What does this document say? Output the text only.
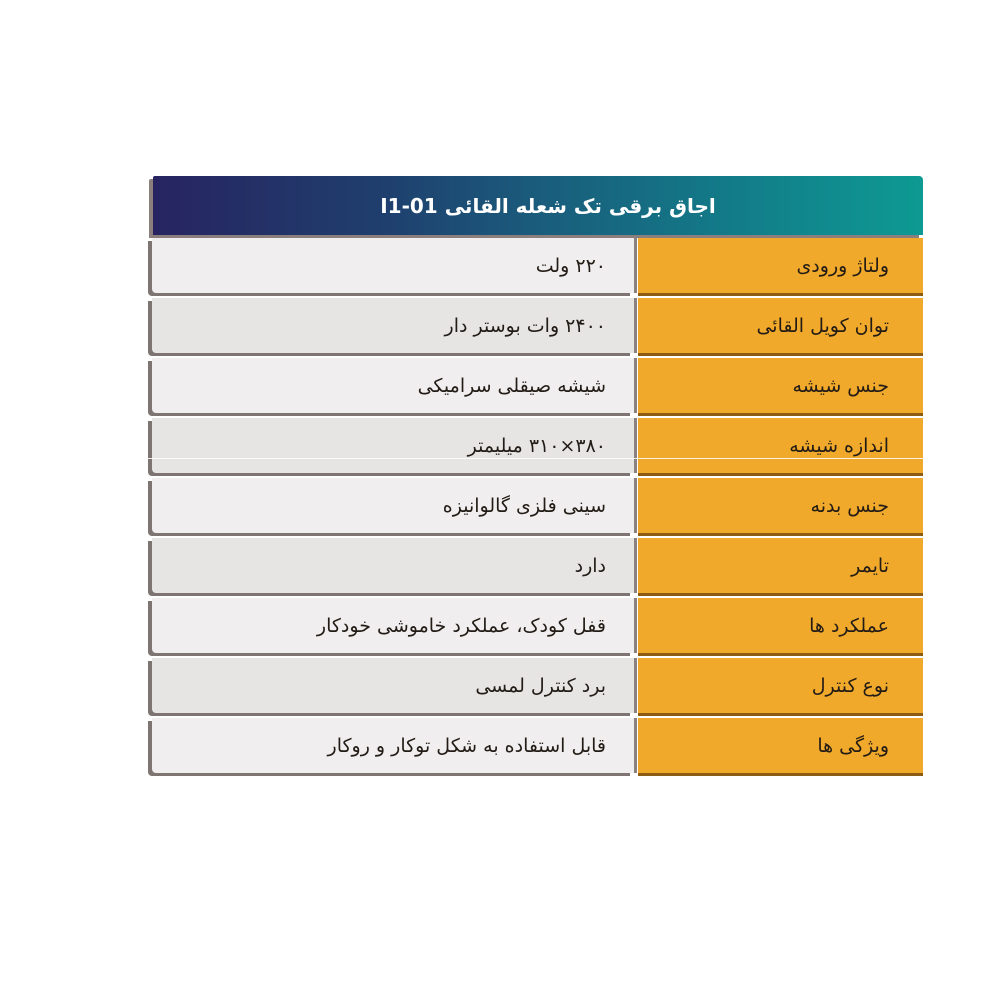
اجاق برقی تک شعله القائی I1-01
۲۲۰ ولت	ولتاژ ورودی
۲۴۰۰ وات بوستر دار	توان کویل القائی
شیشه صیقلی سرامیکی	جنس شیشه
۳۸۰×۳۱۰ میلیمتر	اندازه شیشه
سینی فلزی گالوانیزه	جنس بدنه
دارد	تایمر
قفل کودک، عملکرد خاموشی خودکار	عملکرد ها
برد کنترل لمسی	نوع کنترل
قابل استفاده به شکل توکار و روکار	ویژگی ها
